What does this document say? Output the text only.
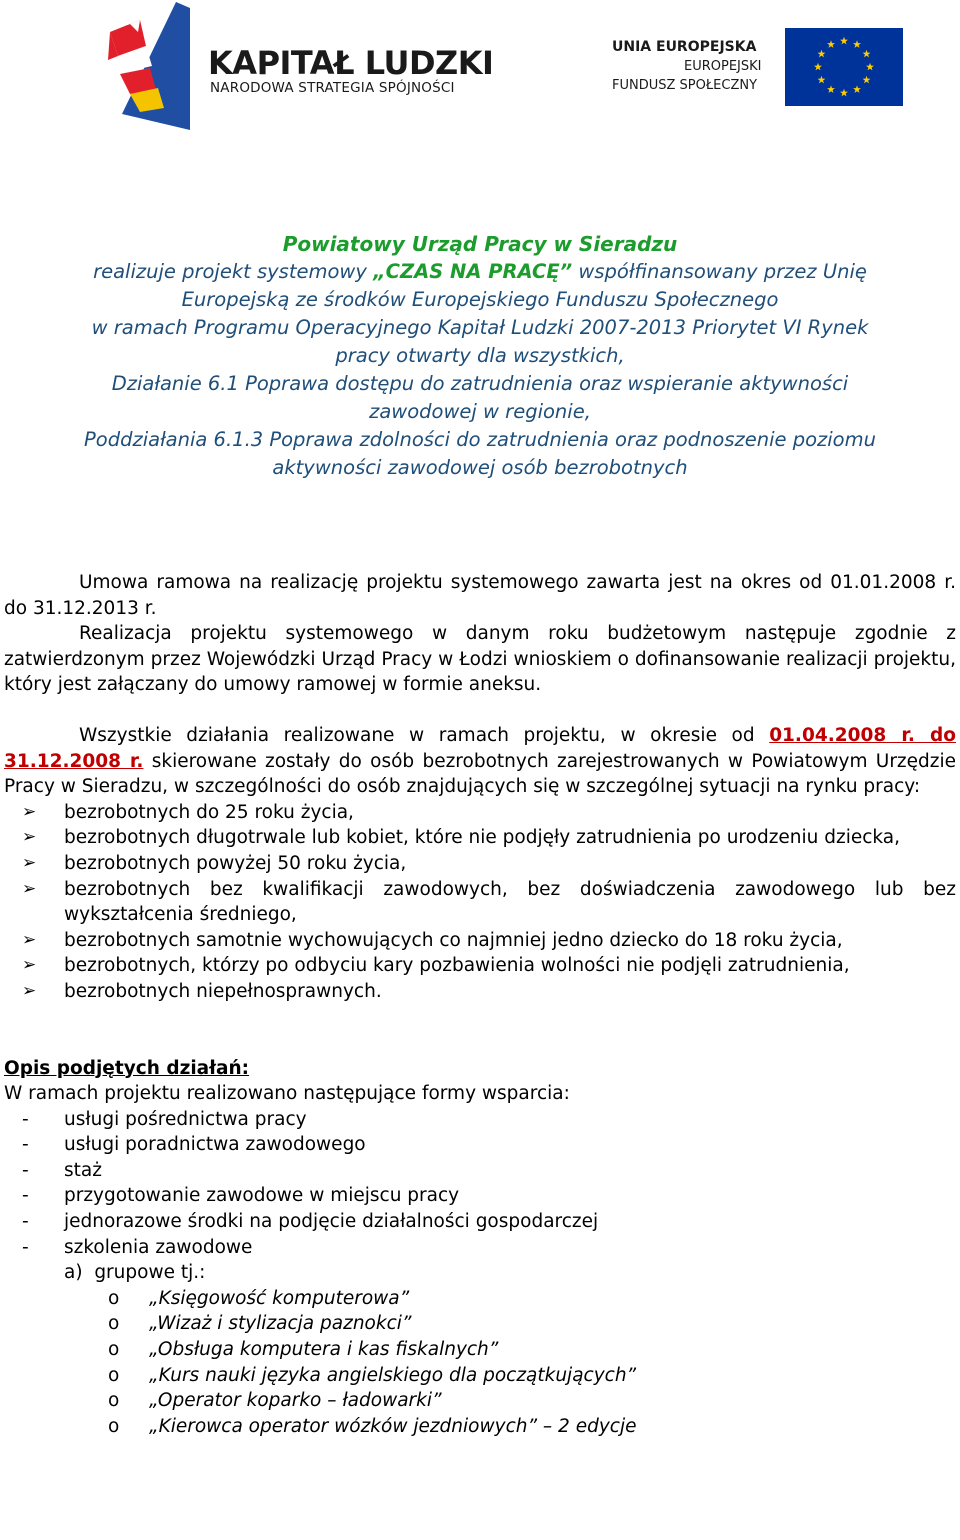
KAPITAŁ LUDZKI
NARODOWA STRATEGIA SPÓJNOŚCI
UNIA EUROPEJSKA
EUROPEJSKI
FUNDUSZ SPOŁECZNY
Powiatowy Urząd Pracy w Sieradzu
realizuje projekt systemowy „CZAS NA PRACĘ” współfinansowany przez Unię
Europejską ze środków Europejskiego Funduszu Społecznego
w ramach Programu Operacyjnego Kapitał Ludzki 2007-2013 Priorytet VI Rynek
pracy otwarty dla wszystkich,
Działanie 6.1 Poprawa dostępu do zatrudnienia oraz wspieranie aktywności
zawodowej w regionie,
Poddziałania 6.1.3 Poprawa zdolności do zatrudnienia oraz podnoszenie poziomu
aktywności zawodowej osób bezrobotnych

Umowa ramowa na realizację projektu systemowego zawarta jest na okres od 01.01.2008 r. do 31.12.2013 r.

Realizacja projektu systemowego w danym roku budżetowym następuje zgodnie z zatwierdzonym przez Wojewódzki Urząd Pracy w Łodzi wnioskiem o dofinansowanie realizacji projektu, który jest załączany do umowy ramowej w formie aneksu.

Wszystkie działania realizowane w ramach projektu, w okresie od 01.04.2008 r. do 31.12.2008 r. skierowane zostały do osób bezrobotnych zarejestrowanych w Powiatowym Urzędzie Pracy w Sieradzu, w szczególności do osób znajdujących się w szczególnej sytuacji na rynku pracy:

➢ bezrobotnych do 25 roku życia,
➢ bezrobotnych długotrwale lub kobiet, które nie podjęły zatrudnienia po urodzeniu dziecka,
➢ bezrobotnych powyżej 50 roku życia,
➢ bezrobotnych bez kwalifikacji zawodowych, bez doświadczenia zawodowego lub bez wykształcenia średniego,
➢ bezrobotnych samotnie wychowujących co najmniej jedno dziecko do 18 roku życia,
➢ bezrobotnych, którzy po odbyciu kary pozbawienia wolności nie podjęli zatrudnienia,
➢ bezrobotnych niepełnosprawnych.

Opis podjętych działań:

W ramach projektu realizowano następujące formy wsparcia:

- usługi pośrednictwa pracy
- usługi poradnictwa zawodowego
- staż
- przygotowanie zawodowe w miejscu pracy
- jednorazowe środki na podjęcie działalności gospodarczej
- szkolenia zawodowe
a)  grupowe tj.:
o „Księgowość komputerowa”
o „Wizaż i stylizacja paznokci”
o „Obsługa komputera i kas fiskalnych”
o „Kurs nauki języka angielskiego dla początkujących”
o „Operator koparko – ładowarki”
o „Kierowca operator wózków jezdniowych” – 2 edycje
